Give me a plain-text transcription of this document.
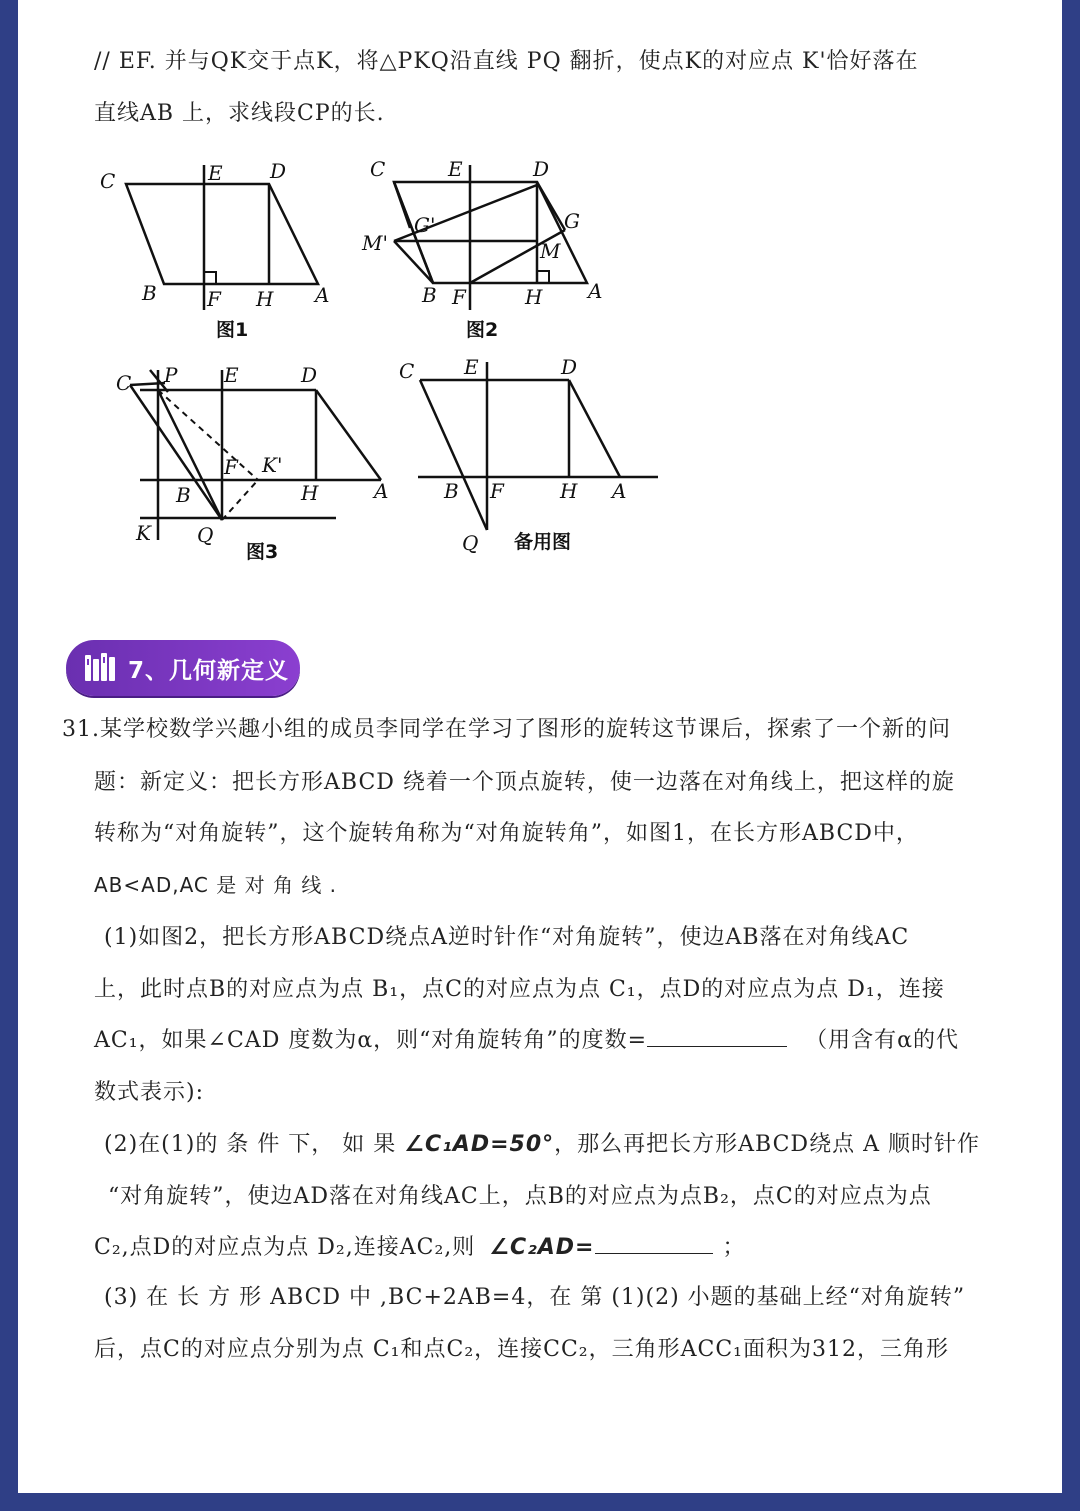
// EF. 并与QK交于点K，将△PKQ沿直线 PQ 翻折，使点K的对应点 K'恰好落在
直线AB 上，求线段CP的长.
C	E D
B	F H A
图1
C	E	D
M'
G'	G
M
B F	H A
图2
C P E	D
F K'
B	H	A
K Q
图3
C E	D
B F	H A
Q 备用图
7、几何新定义
31.某学校数学兴趣小组的成员李同学在学习了图形的旋转这节课后，探索了一个新的问
题：新定义：把长方形ABCD 绕着一个顶点旋转，使一边落在对角线上，把这样的旋
转称为“对角旋转”，这个旋转角称为“对角旋转角”，如图1，在长方形ABCD中，
AB<AD,AC 是 对 角 线 .
(1)如图2，把长方形ABCD绕点A逆时针作“对角旋转”，使边AB落在对角线AC
上，此时点B的对应点为点 B₁，点C的对应点为点 C₁，点D的对应点为点 D₁，连接
AC₁，如果∠CAD 度数为α，则“对角旋转角”的度数=	（用含有α的代
数式表示):
(2)在(1)的 条 件 下， 如 果 ∠C₁AD=50°，那么再把长方形ABCD绕点 A 顺时针作
“对角旋转”，使边AD落在对角线AC上，点B的对应点为点B₂，点C的对应点为点
C₂,点D的对应点为点 D₂,连接AC₂,则 ∠C₂AD=	；
(3) 在 长 方 形 ABCD 中 ,BC+2AB=4，在 第 (1)(2) 小题的基础上经“对角旋转”
后，点C的对应点分别为点 C₁和点C₂，连接CC₂，三角形ACC₁面积为312，三角形
